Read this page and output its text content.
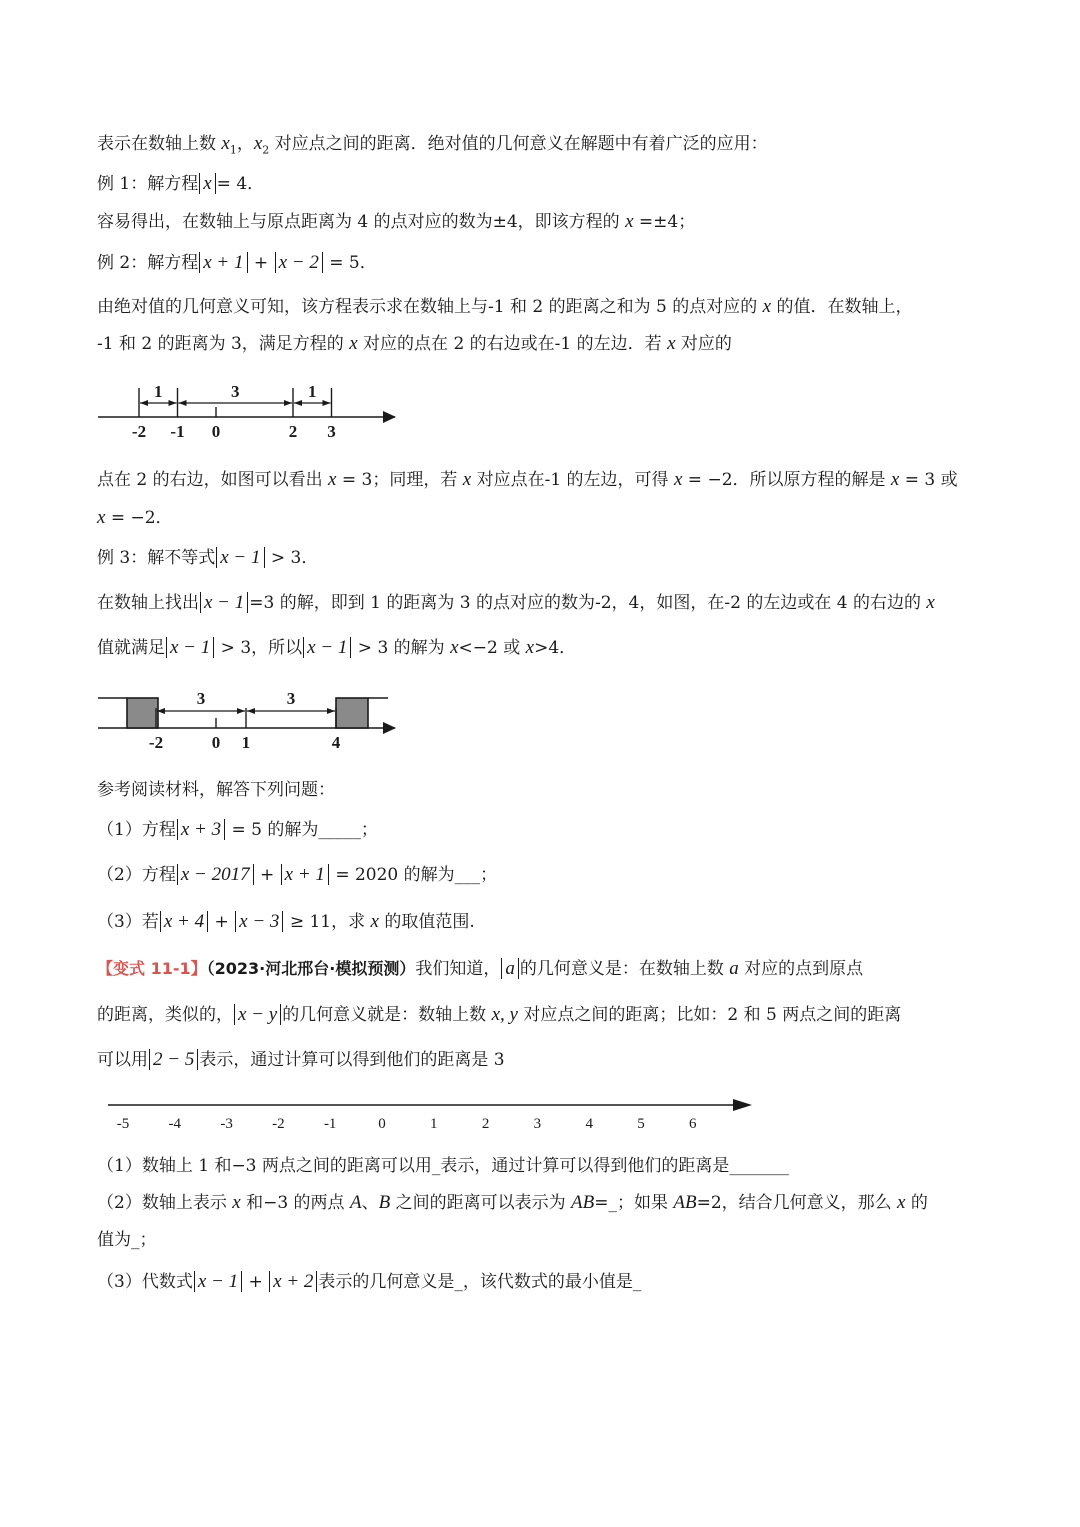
表示在数轴上数 $x_1$，$x_2$ 对应点之间的距离．绝对值的几何意义在解题中有着广泛的应用：
例 1：解方程 x = 4．
容易得出，在数轴上与原点距离为 4 的点对应的数为±4，即该方程的 x =±4；
例 2：解方程 x + 1 + x − 2 = 5．
由绝对值的几何意义可知，该方程表示求在数轴上与-1 和 2 的距离之和为 5 的点对应的 x 的值．在数轴上，
-1 和 2 的距离为 3，满足方程的 x 对应的点在 2 的右边或在-1 的左边．若 x 对应的
-2 -1 0	2 3
1	3	1
点在 2 的右边，如图可以看出 x = 3；同理，若 x 对应点在-1 的左边，可得 x = −2．所以原方程的解是 x = 3 或
x = −2．
例 3：解不等式 x − 1 > 3．
在数轴上找出 x − 1 =3 的解，即到 1 的距离为 3 的点对应的数为-2，4，如图，在-2 的左边或在 4 的右边的 x
值就满足 x − 1 > 3，所以 x − 1 > 3 的解为 x<−2 或 x>4．
-2	0 1	4
3	3
参考阅读材料，解答下列问题：
（1）方程 x + 3 = 5 的解为_____；
（2）方程 x − 2017 + x + 1 = 2020 的解为___；
（3）若 x + 4 + x − 3 ≥ 11，求 x 的取值范围.
【变式 11-1】（2023·河北邢台·模拟预测）我们知道， a 的几何意义是：在数轴上数 a 对应的点到原点
的距离，类似的， x − y 的几何意义就是：数轴上数 x, y 对应点之间的距离；比如：2 和 5 两点之间的距离
可以用 2 − 5 表示，通过计算可以得到他们的距离是 3
-5	-4	-3	-2	-1	0	1	2	3	4	5	6
（1）数轴上 1 和−3 两点之间的距离可以用_表示，通过计算可以得到他们的距离是_______
（2）数轴上表示 x 和−3 的两点 A、B 之间的距离可以表示为 AB=_；如果 AB=2，结合几何意义，那么 x 的
值为_；
（3）代数式 x − 1 + x + 2 表示的几何意义是_，该代数式的最小值是_
